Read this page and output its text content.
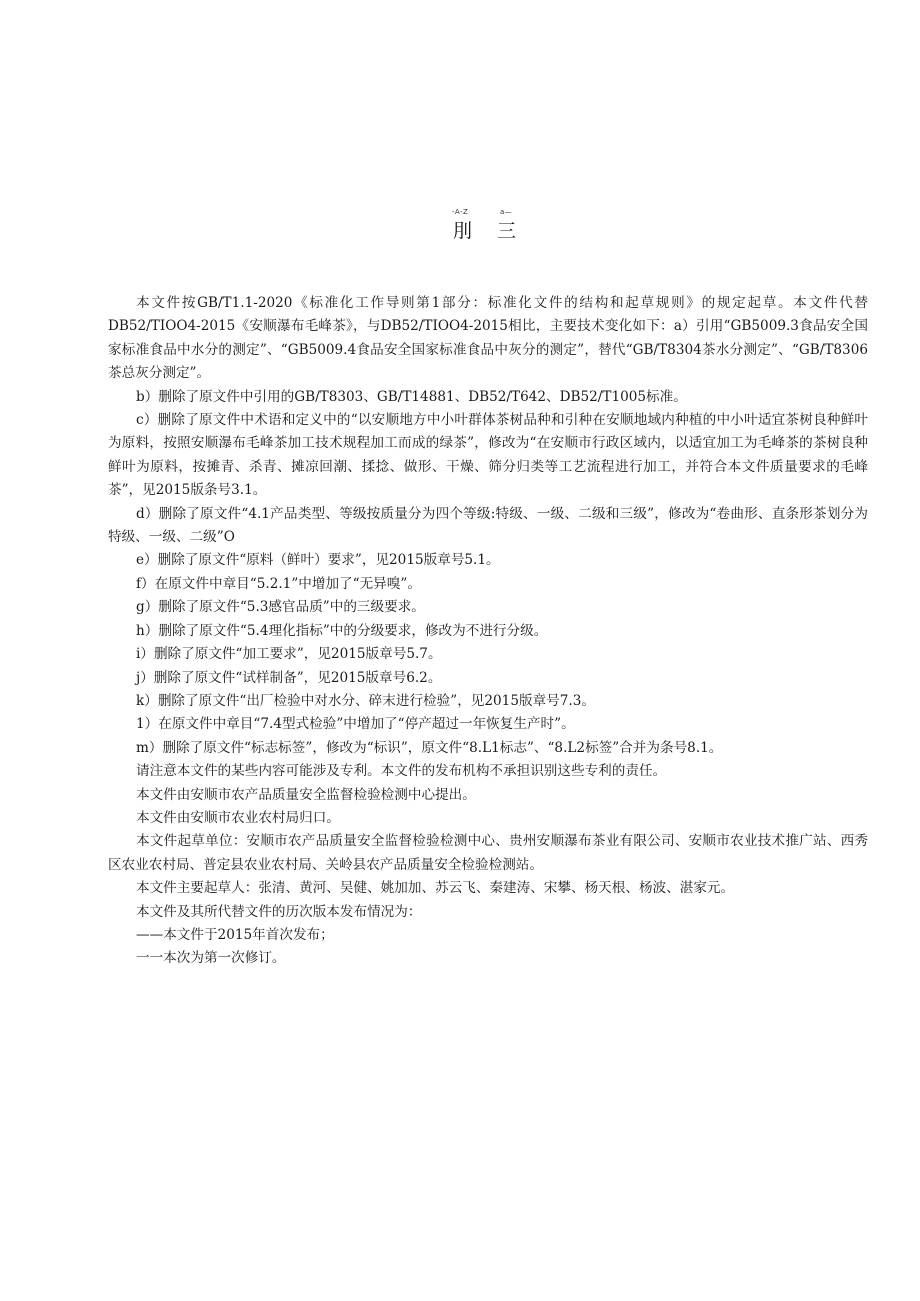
-A-Z	a—
刖 三

本文件按GB/T1.1-2020《标准化工作导则第1部分：标准化文件的结构和起草规则》的规定起草。本文件代替DB52/TIOO4-2015《安顺瀑布毛峰茶》，与DB52/TIOO4-2015相比，主要技术变化如下：a）引用“GB5009.3食品安全国家标准食品中水分的测定”、“GB5009.4食品安全国家标准食品中灰分的测定”，替代“GB/T8304茶水分测定”、“GB/T8306茶总灰分测定”。

b）删除了原文件中引用的GB/T8303、GB/T14881、DB52/T642、DB52/T1005标准。

c）删除了原文件中术语和定义中的“以安顺地方中小叶群体茶树品种和引种在安顺地域内种植的中小叶适宜茶树良种鲜叶为原料，按照安顺瀑布毛峰茶加工技术规程加工而成的绿茶”，修改为“在安顺市行政区域内，以适宜加工为毛峰茶的茶树良种鲜叶为原料，按摊青、杀青、摊凉回潮、揉捻、做形、干燥、筛分归类等工艺流程进行加工，并符合本文件质量要求的毛峰茶”，见2015版条号3.1。

d）删除了原文件“4.1产品类型、等级按质量分为四个等级:特级、一级、二级和三级”，修改为“卷曲形、直条形茶划分为特级、一级、二级”O

e）删除了原文件“原料（鲜叶）要求”，见2015版章号5.1。

f）在原文件中章目“5.2.1”中增加了“无异嗅”。

g）删除了原文件“5.3感官品质”中的三级要求。

h）删除了原文件“5.4理化指标”中的分级要求，修改为不进行分级。

i）删除了原文件“加工要求”，见2015版章号5.7。

j）删除了原文件“试样制备”，见2015版章号6.2。

k）删除了原文件“出厂检验中对水分、碎末进行检验”，见2015版章号7.3。

1）在原文件中章目“7.4型式检验”中增加了“停产超过一年恢复生产时”。

m）删除了原文件“标志标签”，修改为“标识”，原文件“8.L1标志”、“8.L2标签”合并为条号8.1。

请注意本文件的某些内容可能涉及专利。本文件的发布机构不承担识别这些专利的责任。

本文件由安顺市农产品质量安全监督检验检测中心提出。

本文件由安顺市农业农村局归口。

本文件起草单位：安顺市农产品质量安全监督检验检测中心、贵州安顺瀑布茶业有限公司、安顺市农业技术推广站、西秀区农业农村局、普定县农业农村局、关岭县农产品质量安全检验检测站。

本文件主要起草人：张清、黄河、吴健、姚加加、苏云飞、秦建涛、宋攀、杨天根、杨波、湛家元。

本文件及其所代替文件的历次版本发布情况为：

——本文件于2015年首次发布；

一一本次为第一次修订。
